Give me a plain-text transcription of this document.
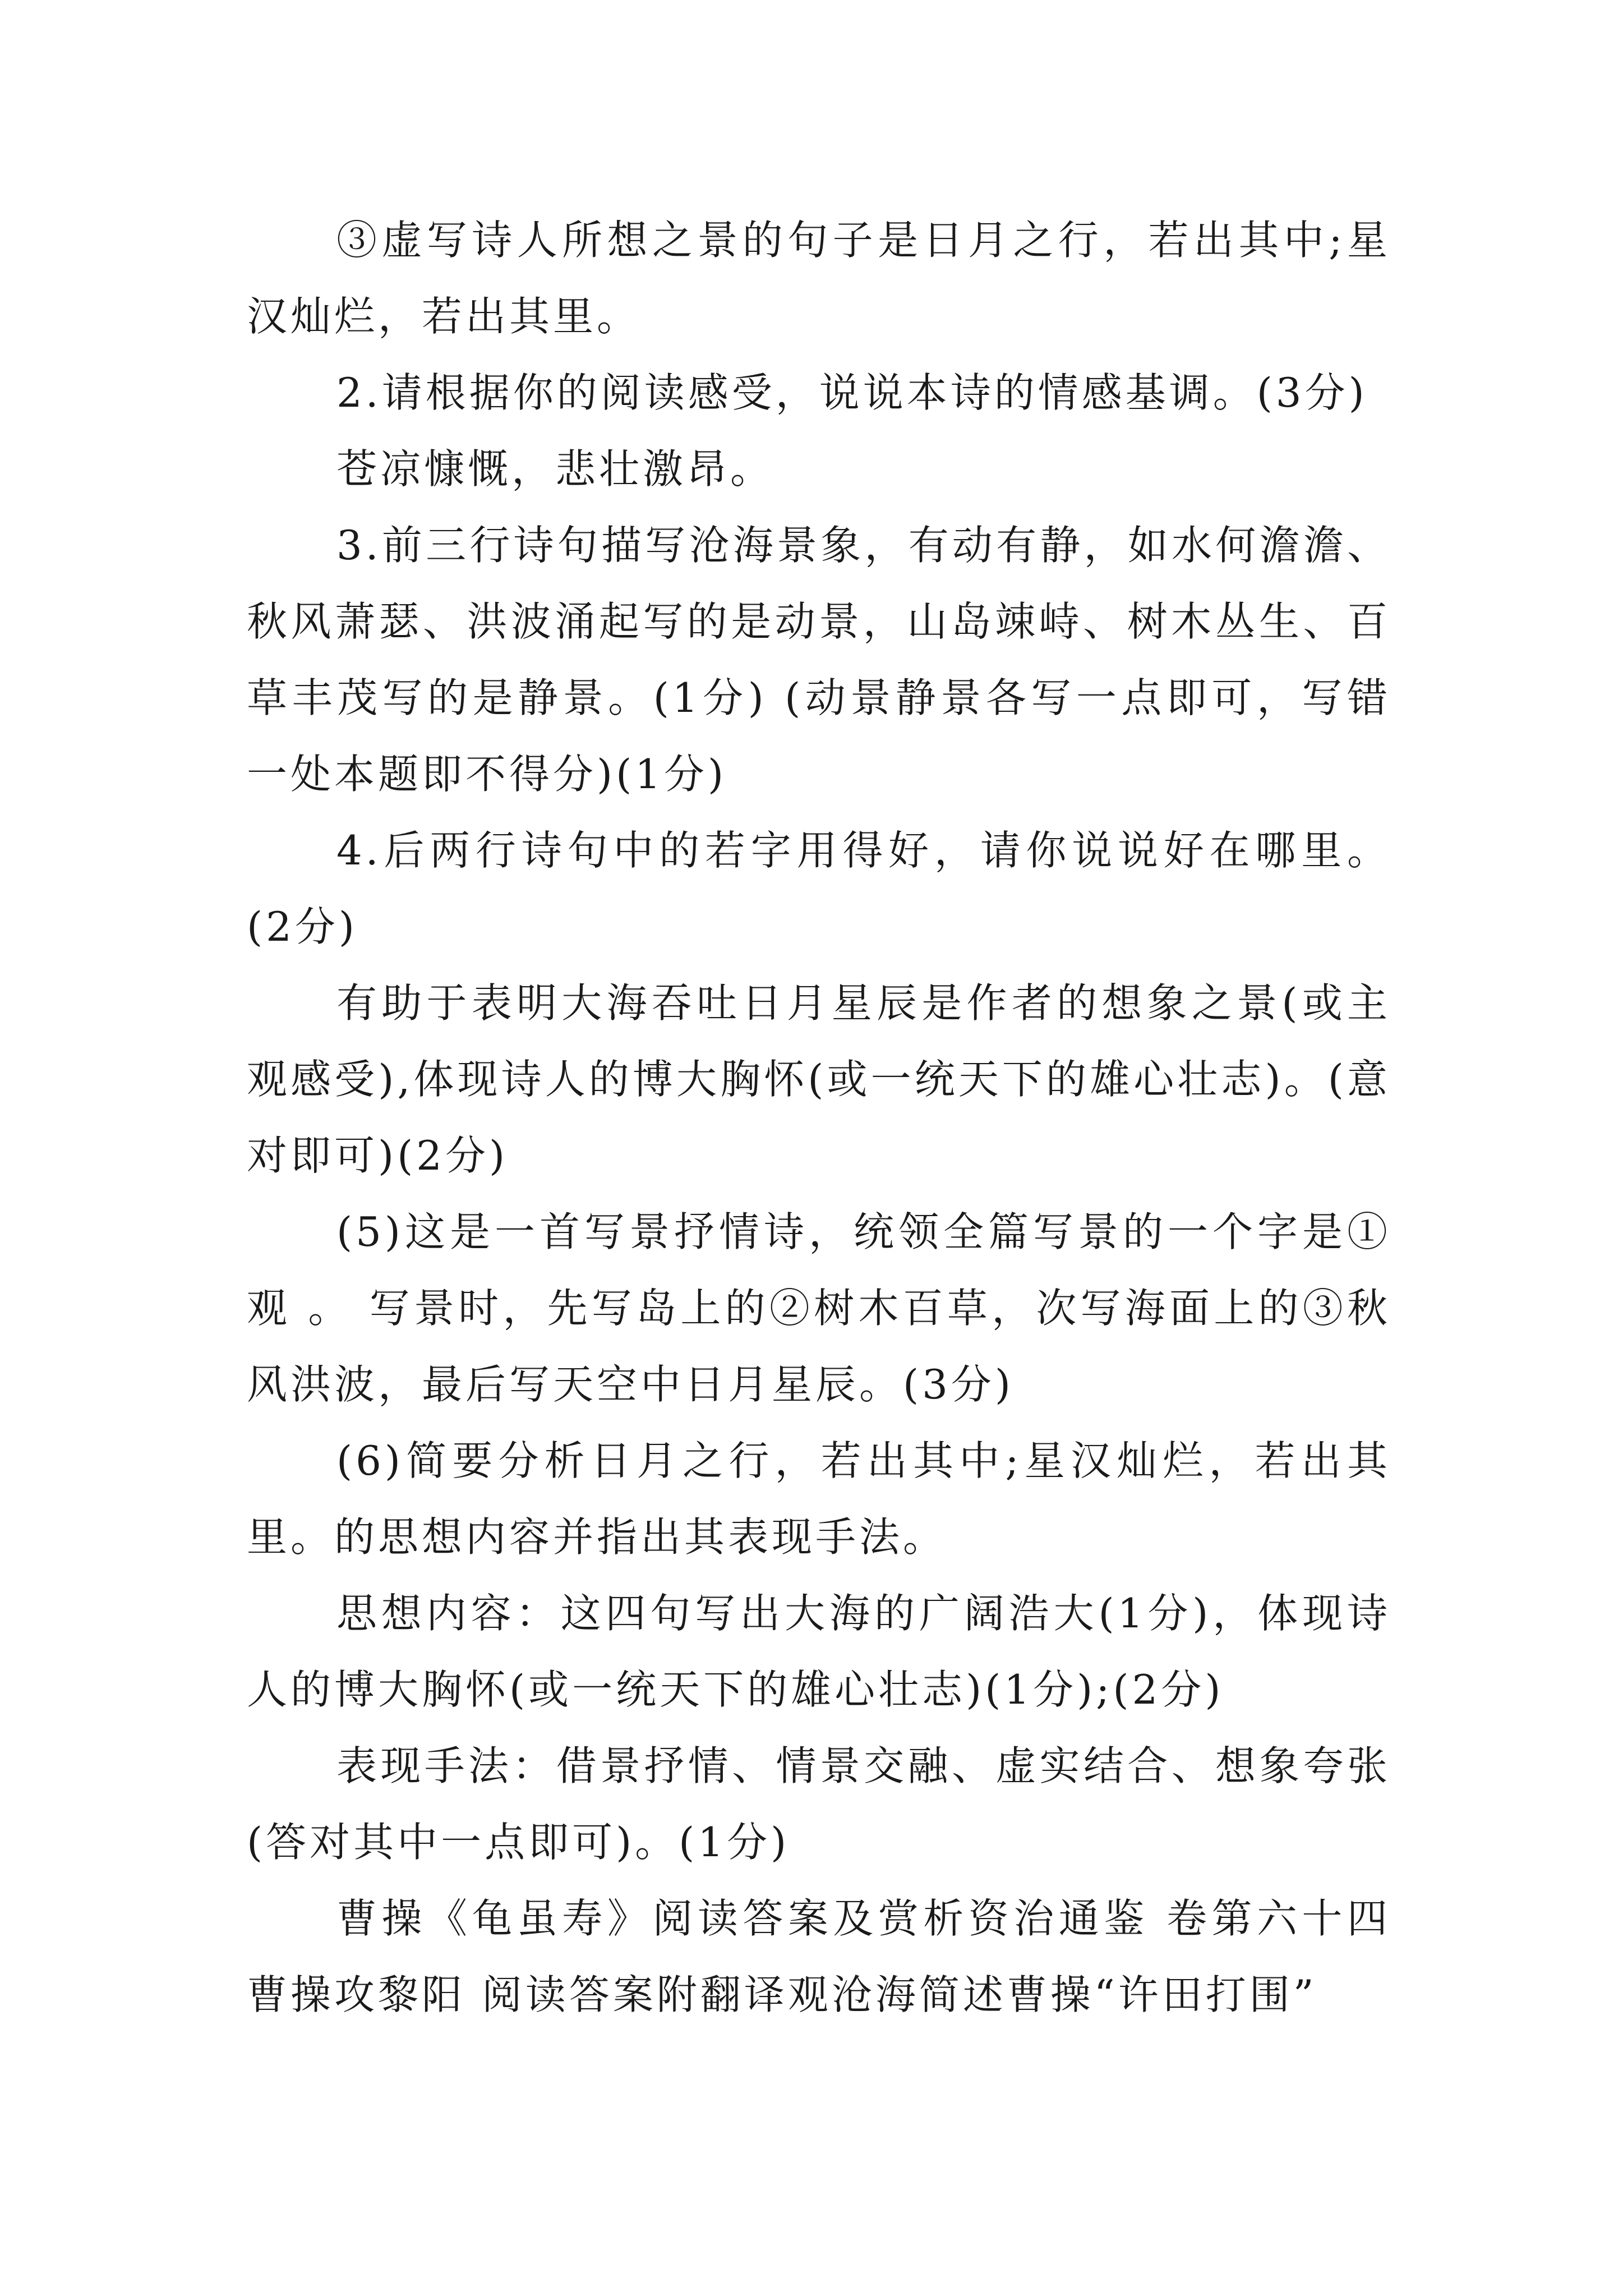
③虚写诗人所想之景的句子是日月之行，若出其中;星汉灿烂，若出其里。

2.请根据你的阅读感受，说说本诗的情感基调。(3分)

苍凉慷慨，悲壮激昂。

3.前三行诗句描写沧海景象，有动有静，如水何澹澹、秋风萧瑟、洪波涌起写的是动景，山岛竦峙、树木丛生、百草丰茂写的是静景。(1分) (动景静景各写一点即可，写错一处本题即不得分)(1分)

4.后两行诗句中的若字用得好，请你说说好在哪里。(2分)

有助于表明大海吞吐日月星辰是作者的想象之景(或主观感受),体现诗人的博大胸怀(或一统天下的雄心壮志)。(意对即可)(2分)

(5)这是一首写景抒情诗，统领全篇写景的一个字是①观 。 写景时，先写岛上的②树木百草，次写海面上的③秋风洪波，最后写天空中日月星辰。(3分)

(6)简要分析日月之行，若出其中;星汉灿烂，若出其里。的思想内容并指出其表现手法。

思想内容：这四句写出大海的广阔浩大(1分)，体现诗人的博大胸怀(或一统天下的雄心壮志)(1分);(2分)

表现手法：借景抒情、情景交融、虚实结合、想象夸张(答对其中一点即可)。(1分)

曹操《龟虽寿》阅读答案及赏析资治通鉴 卷第六十四曹操攻黎阳 阅读答案附翻译观沧海简述曹操“许田打围”
